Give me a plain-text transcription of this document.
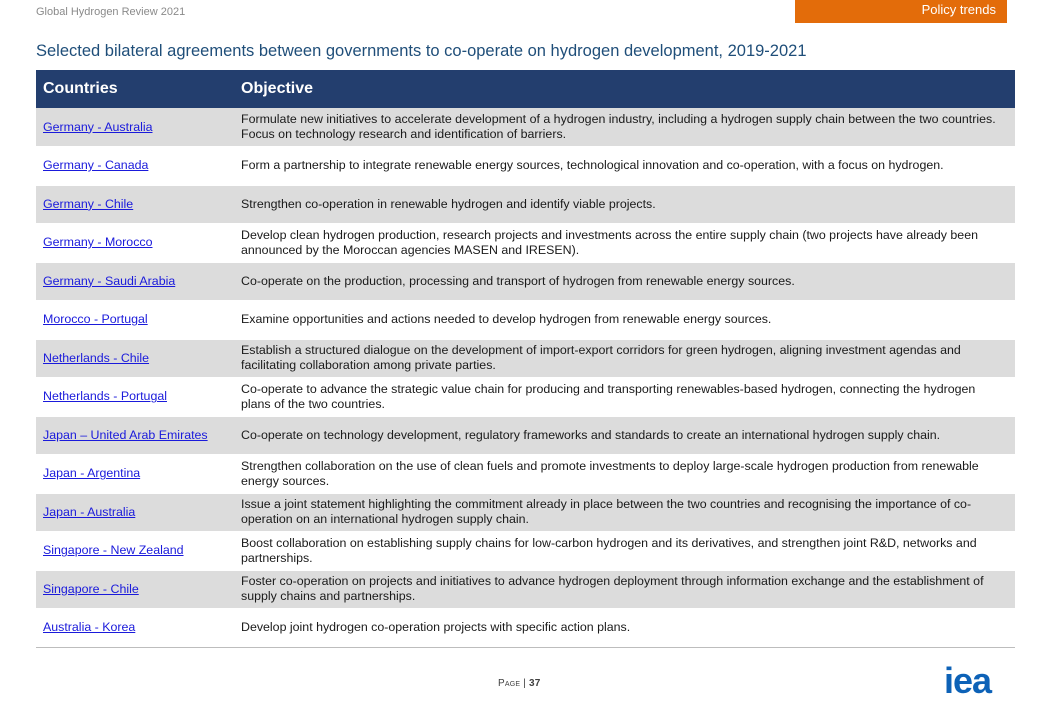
Global Hydrogen Review 2021	Policy trends
Selected bilateral agreements between governments to co-operate on hydrogen development, 2019-2021
Countries	Objective
Germany - Australia	Formulate new initiatives to accelerate development of a hydrogen industry, including a hydrogen supply chain between the two countries. Focus on technology research and identification of barriers.
Germany - Canada	Form a partnership to integrate renewable energy sources, technological innovation and co-operation, with a focus on hydrogen.
Germany - Chile	Strengthen co-operation in renewable hydrogen and identify viable projects.
Germany - Morocco	Develop clean hydrogen production, research projects and investments across the entire supply chain (two projects have already been announced by the Moroccan agencies MASEN and IRESEN).
Germany - Saudi Arabia	Co-operate on the production, processing and transport of hydrogen from renewable energy sources.
Morocco - Portugal	Examine opportunities and actions needed to develop hydrogen from renewable energy sources.
Netherlands - Chile	Establish a structured dialogue on the development of import-export corridors for green hydrogen, aligning investment agendas and facilitating collaboration among private parties.
Netherlands - Portugal	Co-operate to advance the strategic value chain for producing and transporting renewables-based hydrogen, connecting the hydrogen plans of the two countries.
Japan – United Arab Emirates	Co-operate on technology development, regulatory frameworks and standards to create an international hydrogen supply chain.
Japan - Argentina	Strengthen collaboration on the use of clean fuels and promote investments to deploy large-scale hydrogen production from renewable energy sources.
Japan - Australia	Issue a joint statement highlighting the commitment already in place between the two countries and recognising the importance of co-operation on an international hydrogen supply chain.
Singapore - New Zealand	Boost collaboration on establishing supply chains for low-carbon hydrogen and its derivatives, and strengthen joint R&D, networks and partnerships.
Singapore - Chile	Foster co-operation on projects and initiatives to advance hydrogen deployment through information exchange and the establishment of supply chains and partnerships.
Australia - Korea	Develop joint hydrogen co-operation projects with specific action plans.
Page | 37	iea
